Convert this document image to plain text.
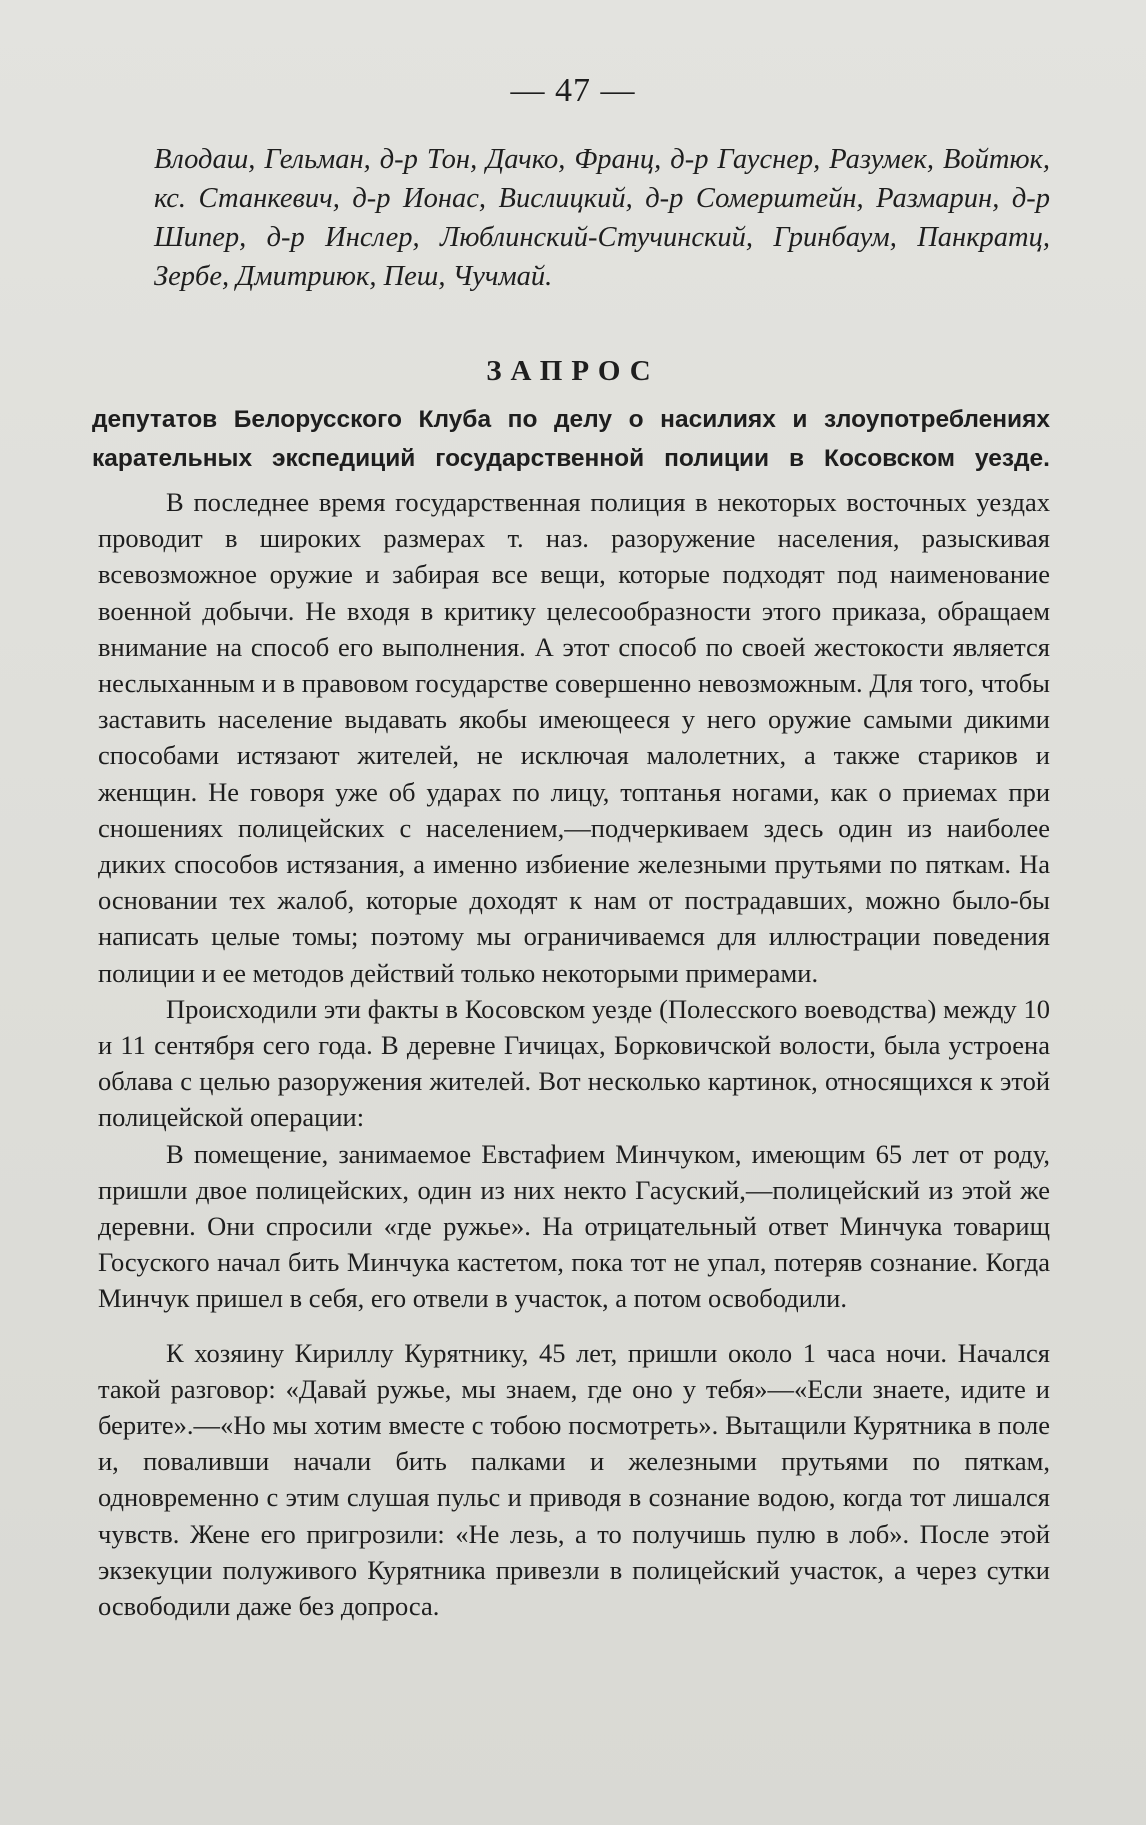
— 47 —
Влодаш, Гельман, д-р Тон, Дачко, Франц, д-р Гауснер, Разумек, Войтюк, кс. Станкевич, д-р Ионас, Вислицкий, д-р Сомерштейн, Размарин, д-р Шипер, д-р Инслер, Люблинский-Стучинский, Гринбаум, Панкратц, Зербе, Дмитриюк, Пеш, Чучмай.
ЗАПРОС
депутатов Белорусского Клуба по делу о насилиях и злоупотреблениях карательных экспедиций государственной полиции в Косовском уезде.

В последнее время государственная полиция в некоторых восточных уездах проводит в широких размерах т. наз. разоружение населения, разыскивая всевозможное оружие и забирая все вещи, которые подходят под наименование военной добычи. Не входя в критику целесообразности этого приказа, обращаем внимание на способ его выполнения. А этот способ по своей жестокости является неслыханным и в правовом государстве совершенно невозможным. Для того, чтобы заставить население выдавать якобы имеющееся у него оружие самыми дикими способами истязают жителей, не исключая малолетних, а также стариков и женщин. Не говоря уже об ударах по лицу, топтанья ногами, как о приемах при сношениях полицейских с населением,—подчеркиваем здесь один из наиболее диких способов истязания, а именно избиение железными прутьями по пяткам. На основании тех жалоб, которые доходят к нам от пострадавших, можно было-бы написать целые томы; поэтому мы ограничиваемся для иллюстрации поведения полиции и ее методов действий только некоторыми примерами.

Происходили эти факты в Косовском уезде (Полесского воеводства) между 10 и 11 сентября сего года. В деревне Гичицах, Борковичской волости, была устроена облава с целью разоружения жителей. Вот несколько картинок, относящихся к этой полицейской операции:

В помещение, занимаемое Евстафием Минчуком, имеющим 65 лет от роду, пришли двое полицейских, один из них некто Гасуский,—полицейский из этой же деревни. Они спросили «где ружье». На отрицательный ответ Минчука товарищ Госуского начал бить Минчука кастетом, пока тот не упал, потеряв сознание. Когда Минчук пришел в себя, его отвели в участок, а потом освободили.

К хозяину Кириллу Курятнику, 45 лет, пришли около 1 часа ночи. Начался такой разговор: «Давай ружье, мы знаем, где оно у тебя»—«Если знаете, идите и берите».—«Но мы хотим вместе с тобою посмотреть». Вытащили Курятника в поле и, поваливши начали бить палками и железными прутьями по пяткам, одновременно с этим слушая пульс и приводя в сознание водою, когда тот лишался чувств. Жене его пригрозили: «Не лезь, а то получишь пулю в лоб». После этой экзекуции полуживого Курятника привезли в полицейский участок, а через сутки освободили даже без допроса.
